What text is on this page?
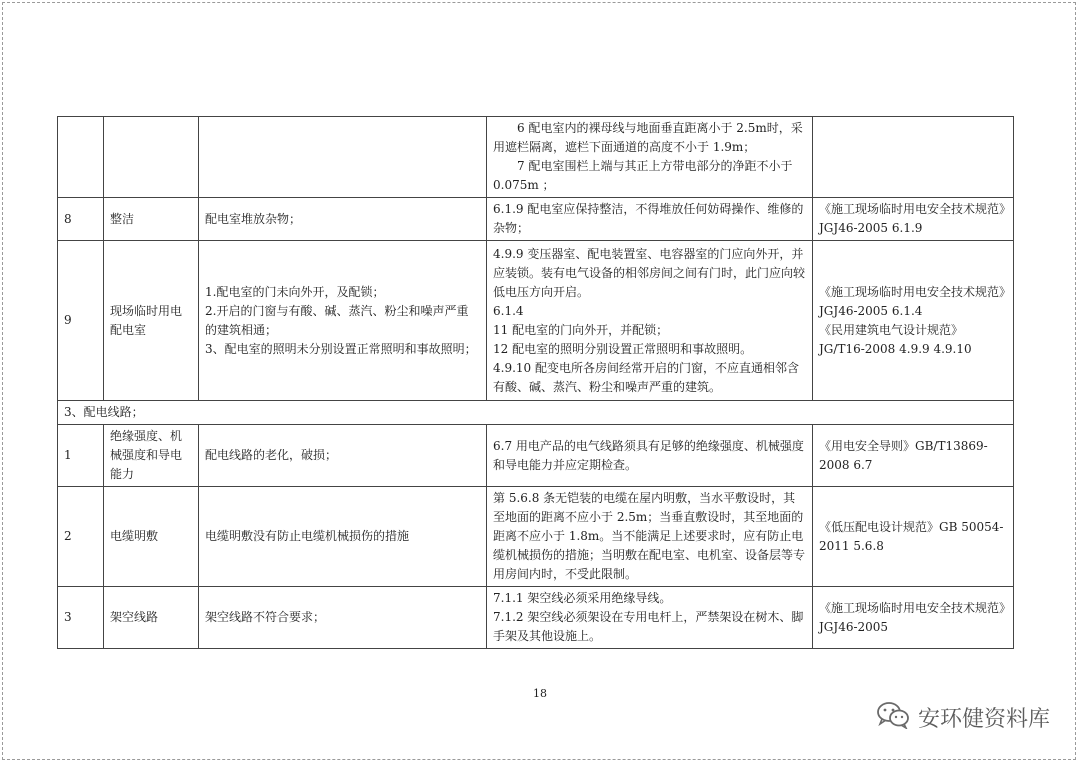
			6 配电室内的裸母线与地面垂直距离小于 2.5m时，采用遮栏隔离，遮栏下面通道的高度不小于 1.9m；
7 配电室围栏上端与其正上方带电部分的净距不小于 0.075m ；	

8	整洁	配电室堆放杂物；	6.1.9 配电室应保持整洁，不得堆放任何妨碍操作、维修的杂物；	《施工现场临时用电安全技术规范》JGJ46-2005 6.1.9
9	现场临时用电配电室	1.配电室的门未向外开，及配锁；
2.开启的门窗与有酸、碱、蒸汽、粉尘和噪声严重的建筑相通；
3、配电室的照明未分别设置正常照明和事故照明；	4.9.9 变压器室、配电装置室、电容器室的门应向外开，并应装锁。装有电气设备的相邻房间之间有门时，此门应向较低电压方向开启。
6.1.4
11 配电室的门向外开，并配锁；
12 配电室的照明分别设置正常照明和事故照明。
4.9.10 配变电所各房间经常开启的门窗，不应直通相邻含有酸、碱、蒸汽、粉尘和噪声严重的建筑。	《施工现场临时用电安全技术规范》JGJ46-2005 6.1.4
《民用建筑电气设计规范》JG/T16-2008 4.9.9 4.9.10

3、配电线路；				
1	绝缘强度、机械强度和导电能力	配电线路的老化，破损；	6.7 用电产品的电气线路须具有足够的绝缘强度、机械强度和导电能力并应定期检查。	《用电安全导则》GB/T13869-2008 6.7
2	电缆明敷	电缆明敷没有防止电缆机械损伤的措施	第 5.6.8 条无铠装的电缆在屋内明敷，当水平敷设时，其至地面的距离不应小于 2.5m；当垂直敷设时，其至地面的距离不应小于 1.8m。当不能满足上述要求时，应有防止电缆机械损伤的措施；当明敷在配电室、电机室、设备层等专用房间内时，不受此限制。	《低压配电设计规范》GB 50054-2011 5.6.8
3	架空线路	架空线路不符合要求；	7.1.1 架空线必须采用绝缘导线。
7.1.2 架空线必须架设在专用电杆上，严禁架设在树木、脚手架及其他设施上。	《施工现场临时用电安全技术规范》JGJ46-2005
18
安环健资料库
